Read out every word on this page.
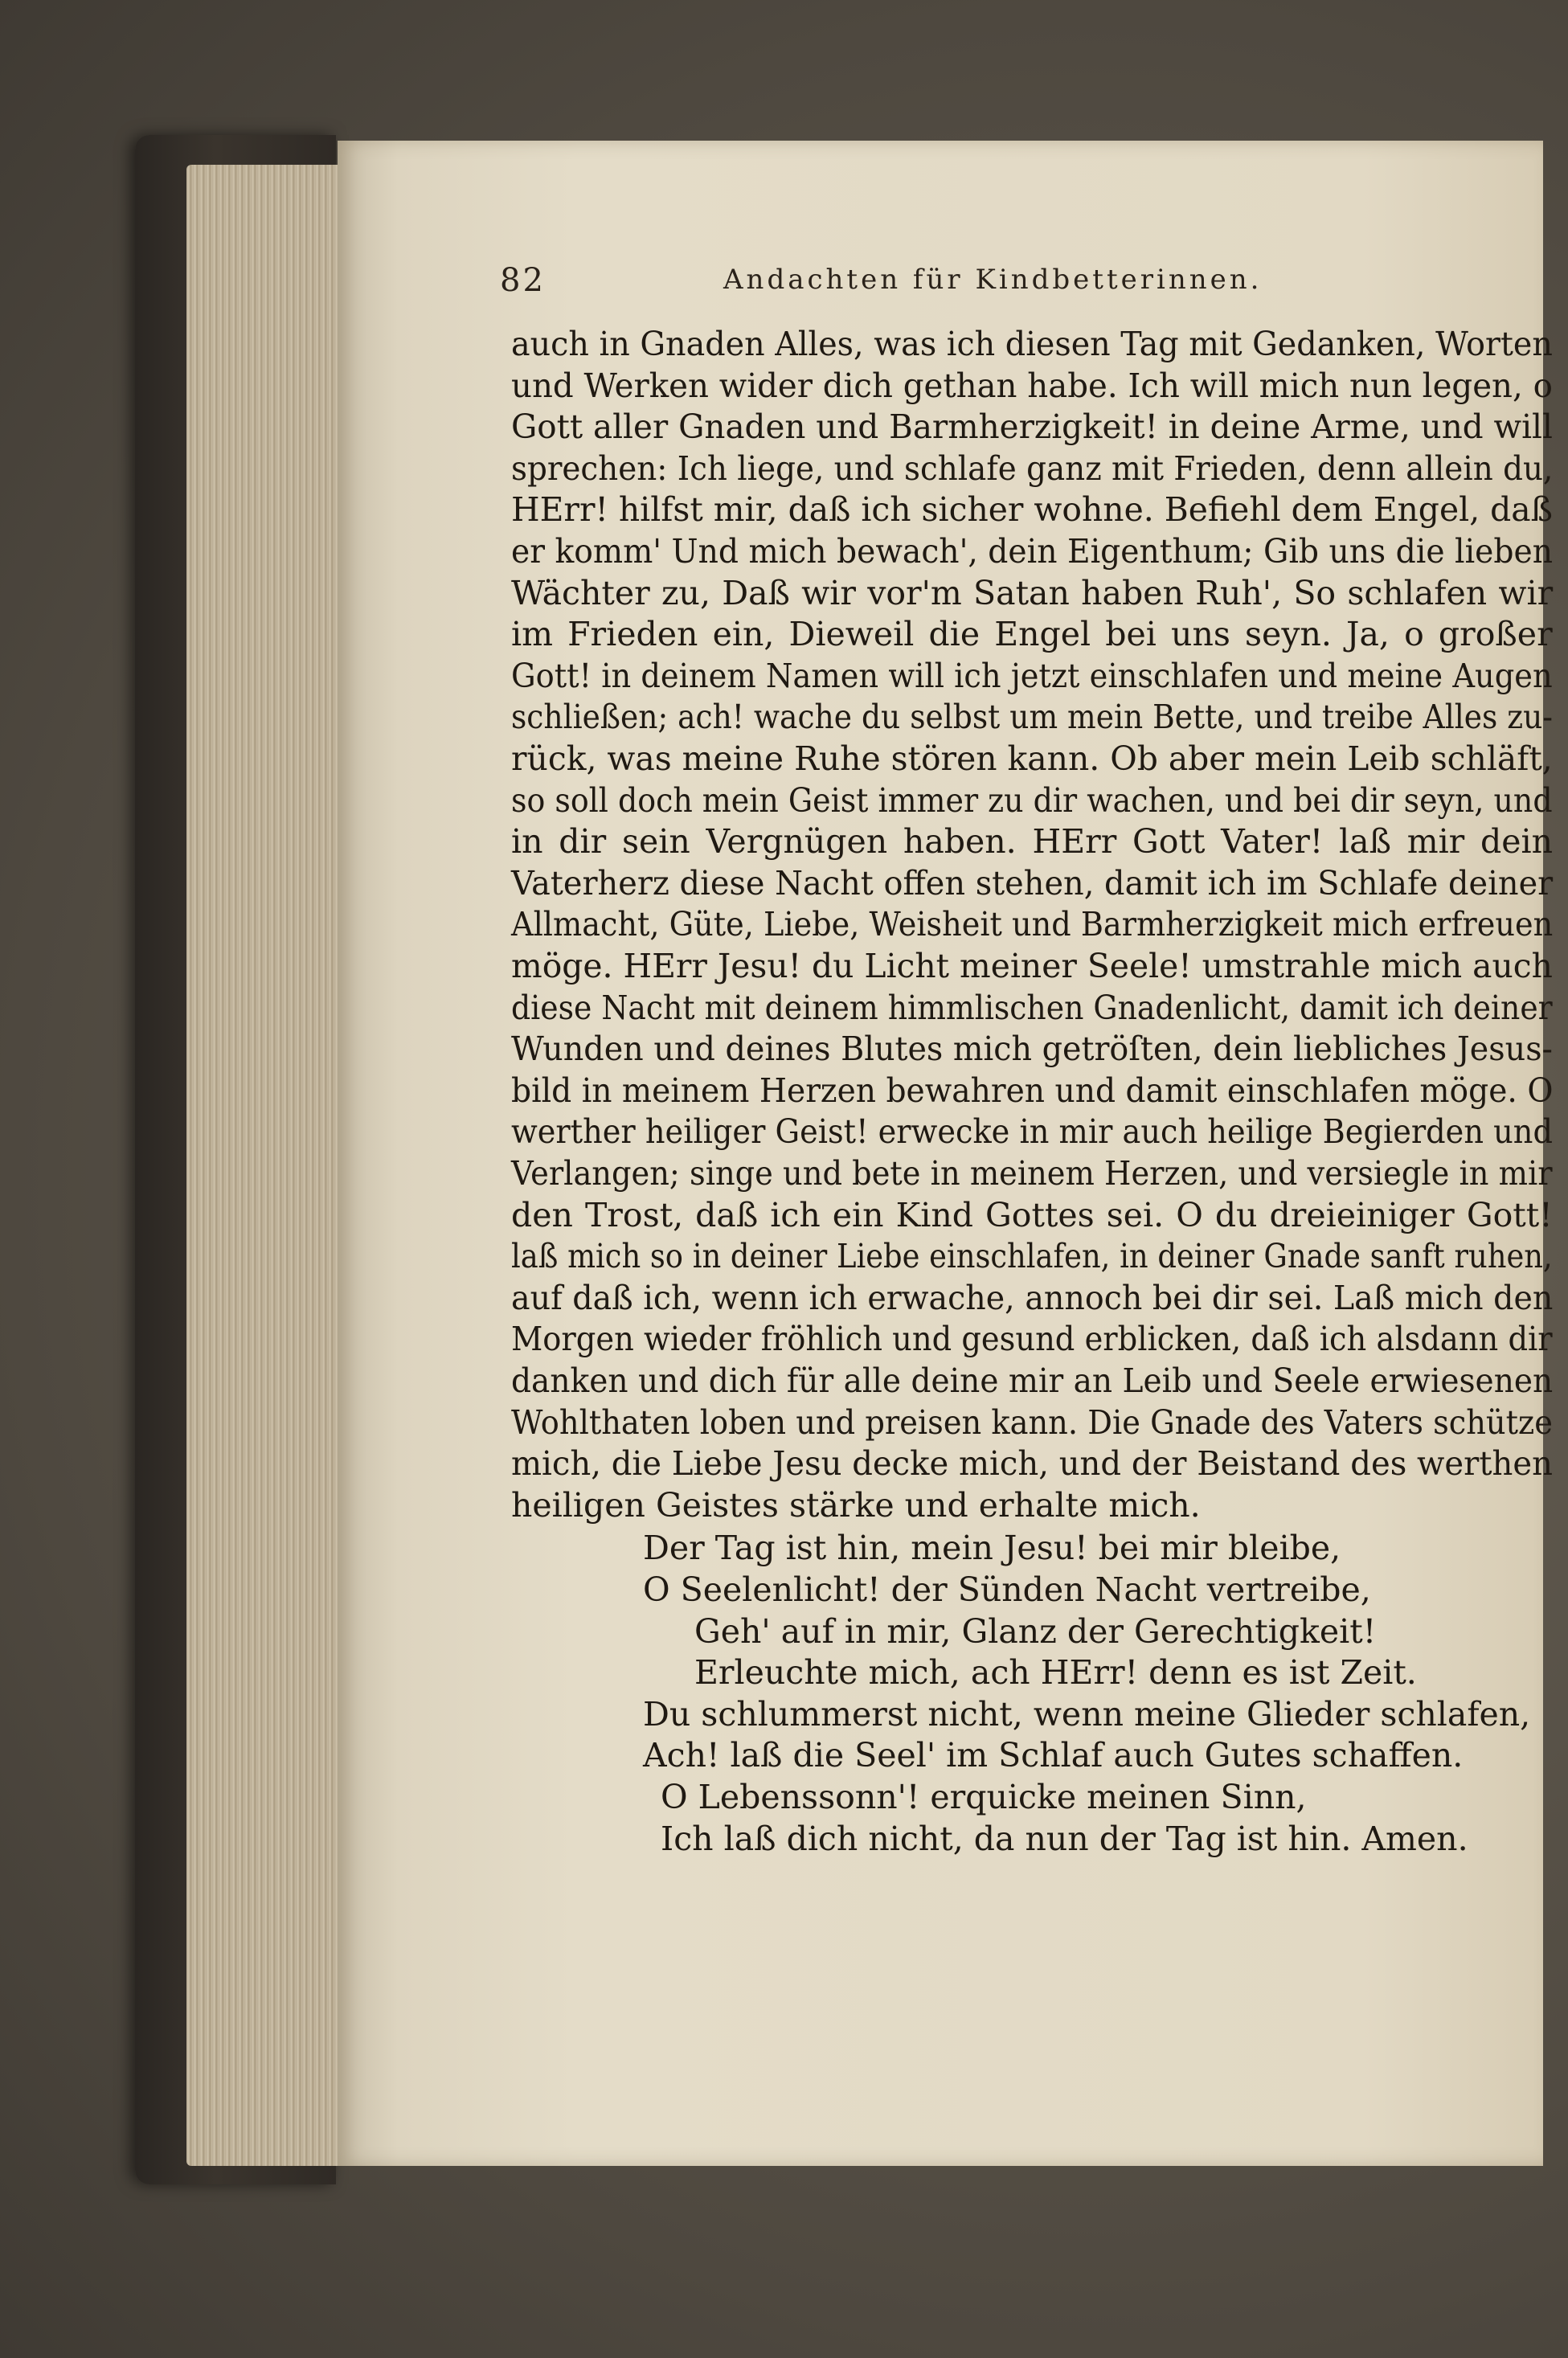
82	Andachten für Kindbetterinnen.
auch in Gnaden Alles, was ich diesen Tag mit Gedanken, Worten
und Werken wider dich gethan habe. Ich will mich nun legen, o
Gott aller Gnaden und Barmherzigkeit! in deine Arme, und will
sprechen: Ich liege, und schlafe ganz mit Frieden, denn allein du,
HErr! hilfst mir, daß ich sicher wohne. Befiehl dem Engel, daß
er komm' Und mich bewach', dein Eigenthum; Gib uns die lieben
Wächter zu, Daß wir vor'm Satan haben Ruh', So schlafen wir
im Frieden ein, Dieweil die Engel bei uns seyn. Ja, o großer
Gott! in deinem Namen will ich jetzt einschlafen und meine Augen
schließen; ach! wache du selbst um mein Bette, und treibe Alles zu-
rück, was meine Ruhe stören kann. Ob aber mein Leib schläft,
so soll doch mein Geist immer zu dir wachen, und bei dir seyn, und
in dir sein Vergnügen haben. HErr Gott Vater! laß mir dein
Vaterherz diese Nacht offen stehen, damit ich im Schlafe deiner
Allmacht, Güte, Liebe, Weisheit und Barmherzigkeit mich erfreuen
möge. HErr Jesu! du Licht meiner Seele! umstrahle mich auch
diese Nacht mit deinem himmlischen Gnadenlicht, damit ich deiner
Wunden und deines Blutes mich getröſten, dein liebliches Jesus-
bild in meinem Herzen bewahren und damit einschlafen möge. O
werther heiliger Geist! erwecke in mir auch heilige Begierden und
Verlangen; singe und bete in meinem Herzen, und versiegle in mir
den Trost, daß ich ein Kind Gottes sei. O du dreieiniger Gott!
laß mich so in deiner Liebe einschlafen, in deiner Gnade sanft ruhen,
auf daß ich, wenn ich erwache, annoch bei dir sei. Laß mich den
Morgen wieder fröhlich und gesund erblicken, daß ich alsdann dir
danken und dich für alle deine mir an Leib und Seele erwiesenen
Wohlthaten loben und preisen kann. Die Gnade des Vaters schütze
mich, die Liebe Jesu decke mich, und der Beistand des werthen
heiligen Geistes stärke und erhalte mich.
Der Tag ist hin, mein Jesu! bei mir bleibe,
O Seelenlicht! der Sünden Nacht vertreibe,
Geh' auf in mir, Glanz der Gerechtigkeit!
Erleuchte mich, ach HErr! denn es ist Zeit.
Du schlummerst nicht, wenn meine Glieder schlafen,
Ach! laß die Seel' im Schlaf auch Gutes schaffen.
O Lebenssonn'! erquicke meinen Sinn,
Ich laß dich nicht, da nun der Tag ist hin. Amen.
